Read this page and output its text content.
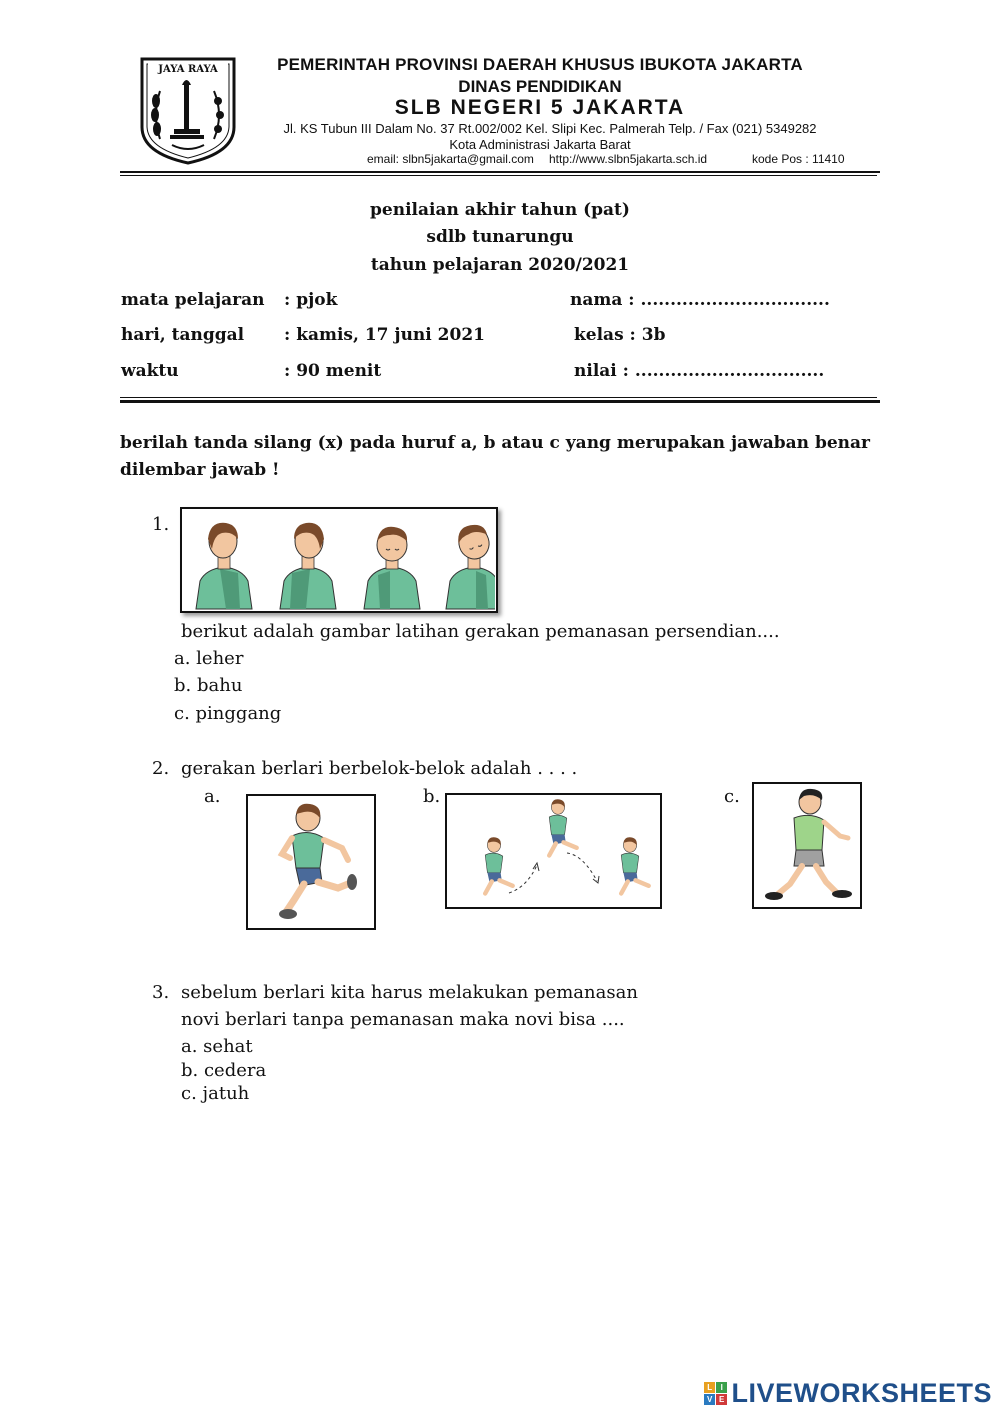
JAYA RAYA	PEMERINTAH PROVINSI DAERAH KHUSUS IBUKOTA JAKARTA
DINAS PENDIDIKAN
SLB NEGERI 5 JAKARTA
Jl. KS Tubun III Dalam No. 37 Rt.002/002 Kel. Slipi Kec. Palmerah Telp. / Fax (021) 5349282
Kota Administrasi Jakarta Barat
email: slbn5jakarta@gmail.com http://www.slbn5jakarta.sch.id	kode Pos : 11410
penilaian akhir tahun (pat)
sdlb tunarungu
tahun pelajaran 2020/2021
mata pelajaran : pjok	nama : ................................
hari, tanggal : kamis, 17 juni 2021	kelas : 3b
waktu	: 90 menit	nilai : ................................
berilah tanda silang (x) pada huruf a, b atau c yang merupakan jawaban benar dilembar jawab !
1.
berikut adalah gambar latihan gerakan pemanasan persendian....
a. leher
b. bahu
c. pinggang
2. gerakan berlari berbelok-belok adalah . . . .
a.	b.	c.
3. sebelum berlari kita harus melakukan pemanasan
novi berlari tanpa pemanasan maka novi bisa ....
a. sehat
b. cedera
c. jatuh
L I
V E LIVEWORKSHEETS
